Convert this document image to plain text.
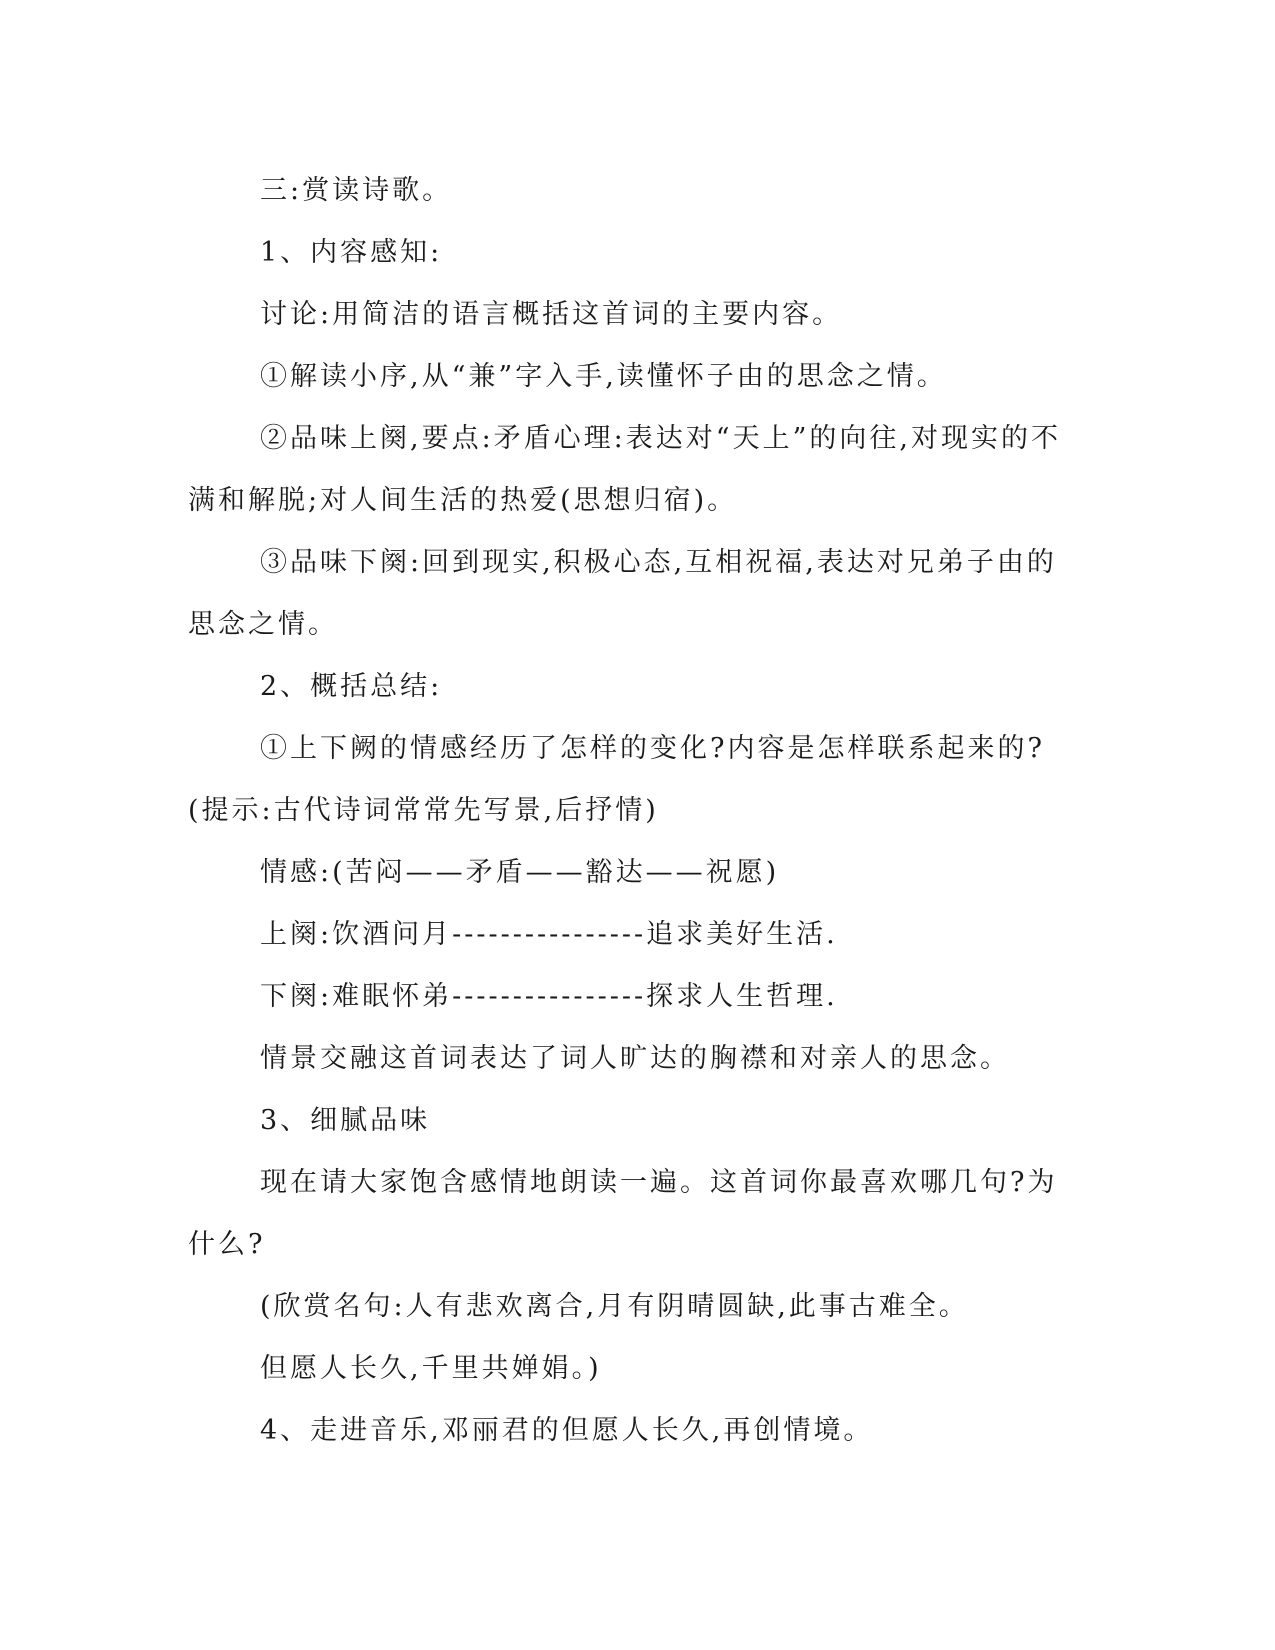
三:赏读诗歌。

1、内容感知:

讨论:用简洁的语言概括这首词的主要内容。

①解读小序,从“兼”字入手,读懂怀子由的思念之情。

②品味上阕,要点:矛盾心理:表达对“天上”的向往,对现实的不满和解脱;对人间生活的热爱(思想归宿)。

③品味下阕:回到现实,积极心态,互相祝福,表达对兄弟子由的思念之情。

2、概括总结:

①上下阙的情感经历了怎样的变化?内容是怎样联系起来的?(提示:古代诗词常常先写景,后抒情)

情感:(苦闷——矛盾——豁达——祝愿)

上阕:饮酒问月----------------追求美好生活.

下阕:难眠怀弟----------------探求人生哲理.

情景交融这首词表达了词人旷达的胸襟和对亲人的思念。

3、细腻品味

现在请大家饱含感情地朗读一遍。这首词你最喜欢哪几句?为什么?

(欣赏名句:人有悲欢离合,月有阴晴圆缺,此事古难全。

但愿人长久,千里共婵娟。)

4、走进音乐,邓丽君的但愿人长久,再创情境。
